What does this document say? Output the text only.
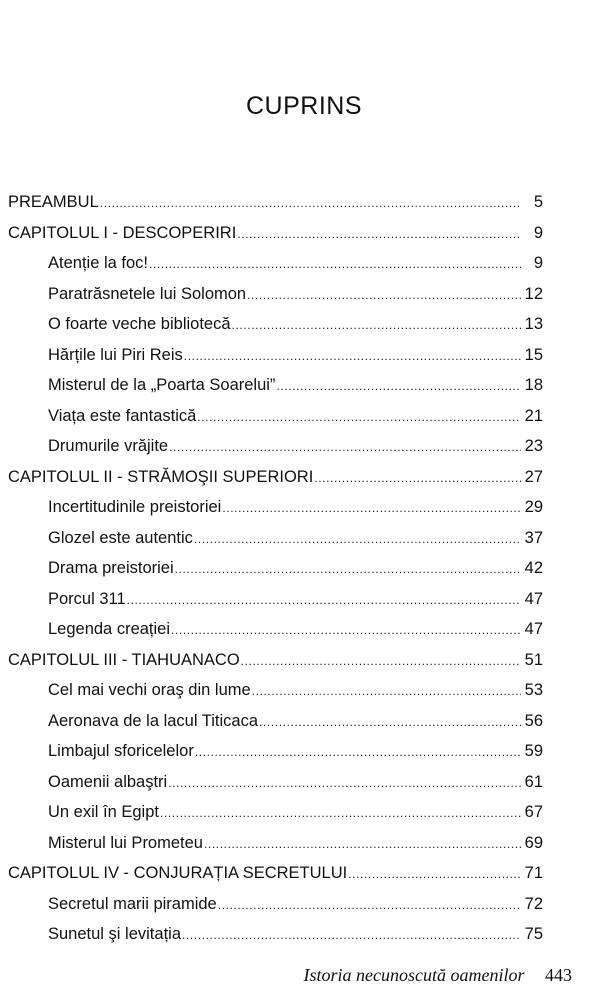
CUPRINS
PREAMBUL .....	5
CAPITOLUL I - DESCOPERIRI .....	9
Atenție la foc! .....	9
Paratrăsnetele lui Solomon .....	12
O foarte veche bibliotecă .....	13
Hărțile lui Piri Reis .....	15
Misterul de la „Poarta Soarelui” .....	18
Viața este fantastică .....	21
Drumurile vrăjite .....	23
CAPITOLUL II - STRĂMOŞII SUPERIORI .....	27
Incertitudinile preistoriei .....	29
Glozel este autentic .....	37
Drama preistoriei .....	42
Porcul 311 .....	47
Legenda creației .....	47
CAPITOLUL III - TIAHUANACO .....	51
Cel mai vechi oraş din lume .....	53
Aeronava de la lacul Titicaca .....	56
Limbajul sforicelelor .....	59
Oamenii albaştri .....	61
Un exil în Egipt .....	67
Misterul lui Prometeu .....	69
CAPITOLUL IV - CONJURAȚIA SECRETULUI .....	71
Secretul marii piramide .....	72
Sunetul şi levitația .....	75
Istoria necunoscută oamenilor 443
